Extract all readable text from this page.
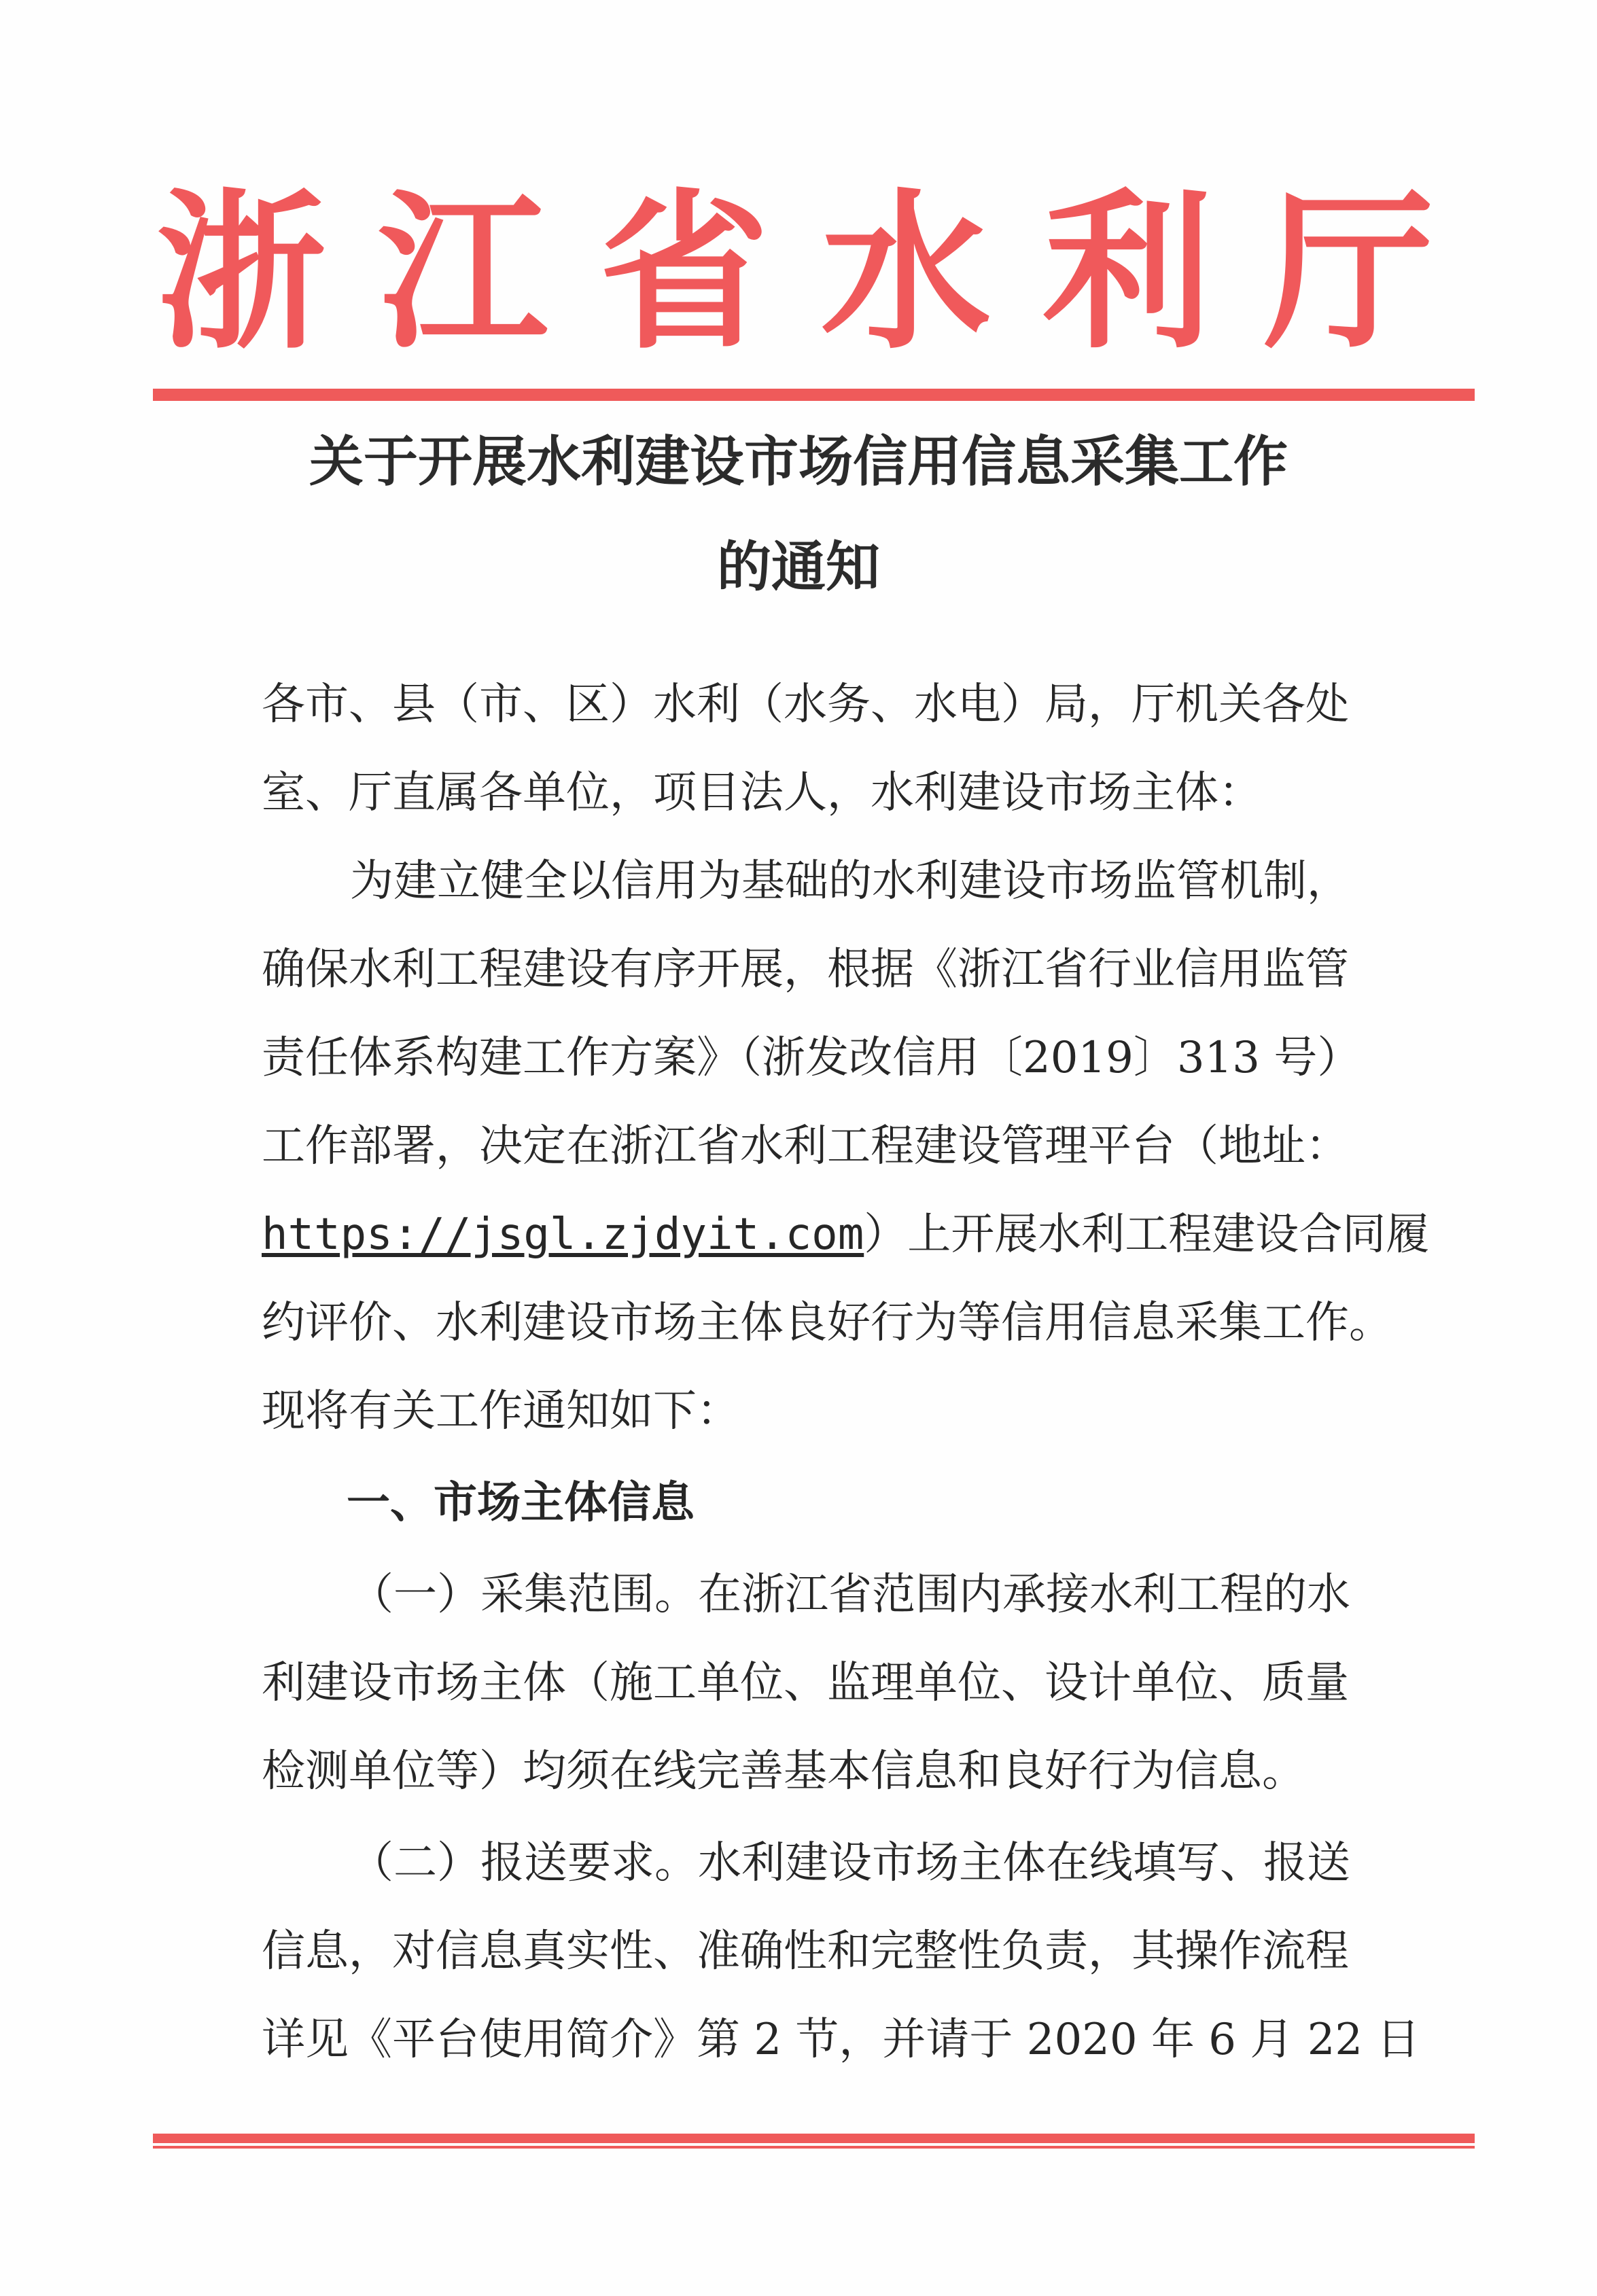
浙 江 省 水 利 厅
关于开展水利建设市场信用信息采集工作
的通知
各市、县（市、区）水利（水务、水电）局，厅机关各处
室、厅直属各单位，项目法人，水利建设市场主体：
为建立健全以信用为基础的水利建设市场监管机制，
确保水利工程建设有序开展，根据《浙江省行业信用监管
责任体系构建工作方案》（浙发改信用〔2019〕313 号）
工作部署，决定在浙江省水利工程建设管理平台（地址：
https://jsgl.zjdyit.com）上开展水利工程建设合同履
约评价、水利建设市场主体良好行为等信用信息采集工作。
现将有关工作通知如下：
一、市场主体信息
（一）采集范围。在浙江省范围内承接水利工程的水
利建设市场主体（施工单位、监理单位、设计单位、质量
检测单位等）均须在线完善基本信息和良好行为信息。
（二）报送要求。水利建设市场主体在线填写、报送
信息，对信息真实性、准确性和完整性负责，其操作流程
详见《平台使用简介》第 2 节，并请于 2020 年 6 月 22 日
